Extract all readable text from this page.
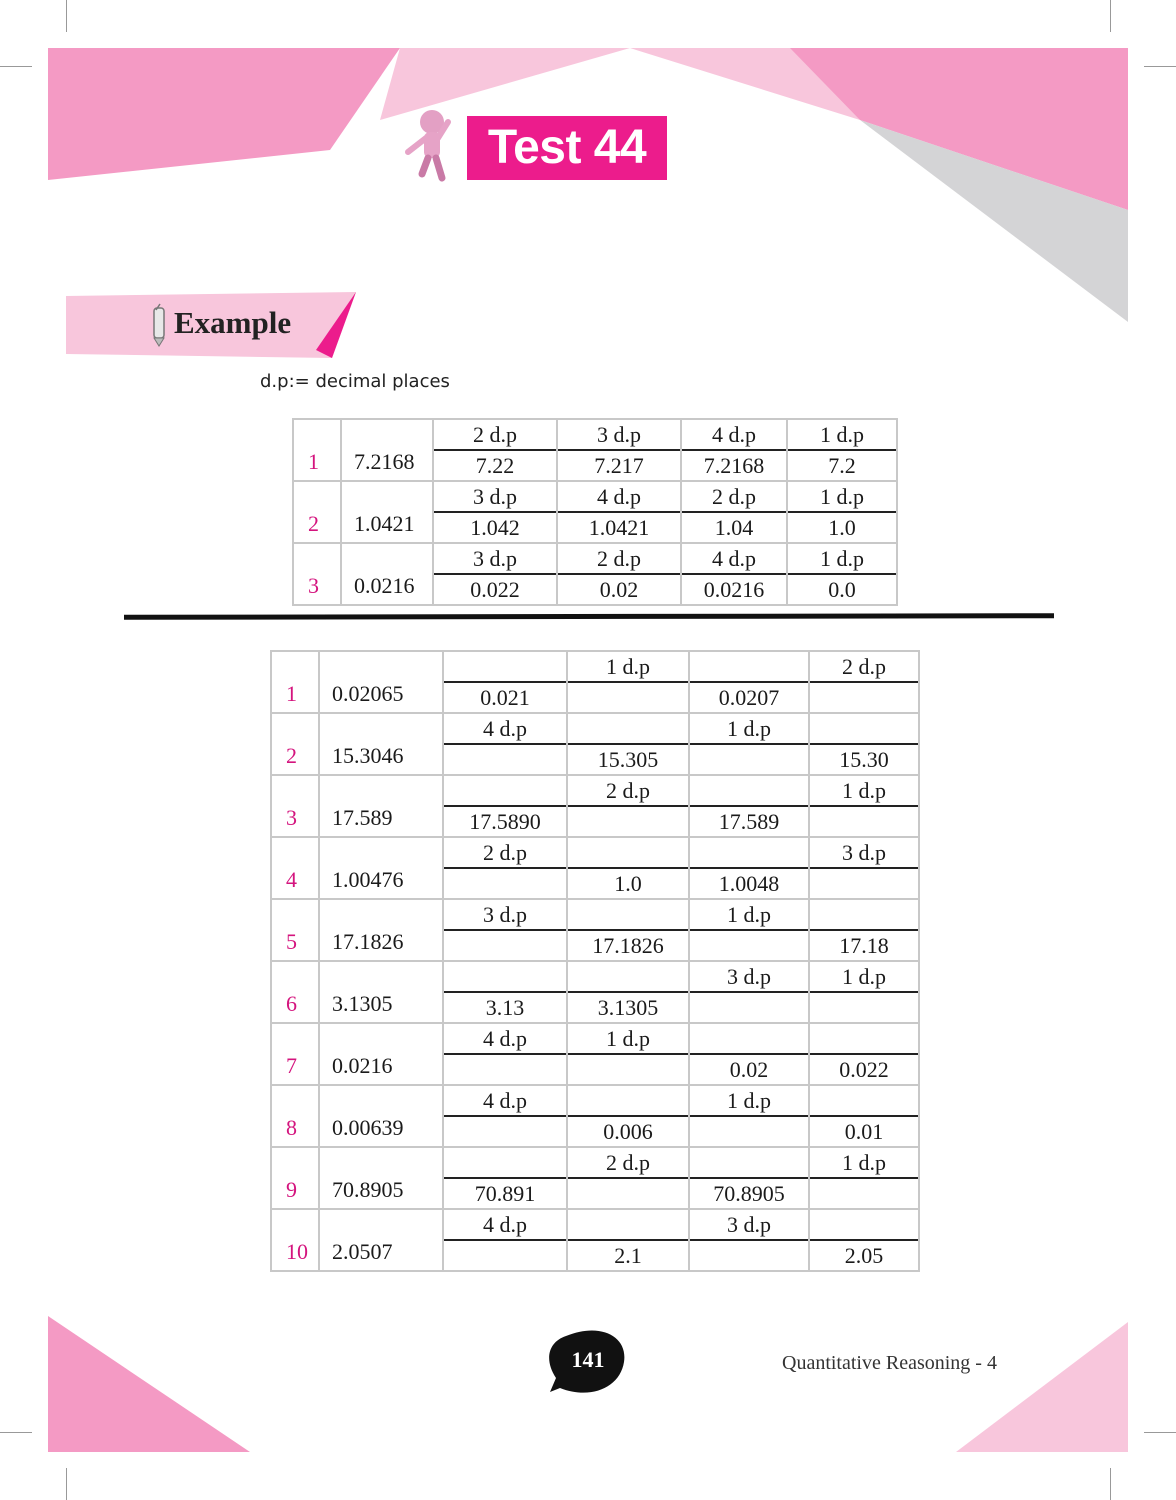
Test 44
Example
d.p:= decimal places
1	7.2168	2 d.p	3 d.p	4 d.p	1 d.p
		7.22	7.217	7.2168	7.2
2	1.0421	3 d.p	4 d.p	2 d.p	1 d.p
		1.042	1.0421	1.04	1.0
3	0.0216	3 d.p	2 d.p	4 d.p	1 d.p
		0.022	0.02	0.0216	0.0
1	0.02065		1 d.p		2 d.p
		0.021		0.0207	
2	15.3046	4 d.p		1 d.p	
			15.305		15.30
3	17.589		2 d.p		1 d.p
		17.5890		17.589	
4	1.00476	2 d.p			3 d.p
			1.0	1.0048	
5	17.1826	3 d.p		1 d.p	
			17.1826		17.18
6	3.1305			3 d.p	1 d.p
		3.13	3.1305		
7	0.0216	4 d.p	1 d.p		
				0.02	0.022
8	0.00639	4 d.p		1 d.p	
			0.006		0.01
9	70.8905		2 d.p		1 d.p
		70.891		70.8905	
10	2.0507	4 d.p		3 d.p	
			2.1		2.05
141	Quantitative Reasoning - 4
